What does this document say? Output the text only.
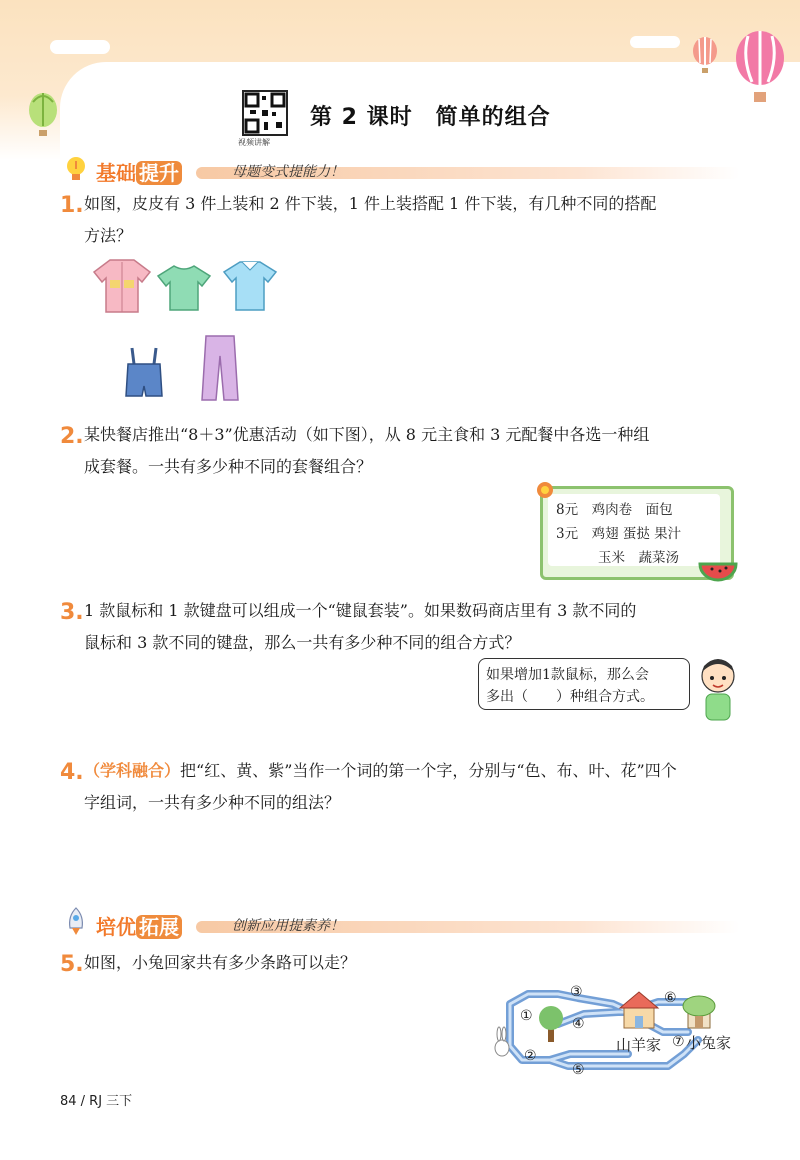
视频讲解
第 2 课时　简单的组合
基础 提升	母题变式提能力！
1. 如图，皮皮有 3 件上装和 2 件下装，1 件上装搭配 1 件下装，有几种不同的搭配
方法？
2. 某快餐店推出“8＋3”优惠活动（如下图），从 8 元主食和 3 元配餐中各选一种组
成套餐。一共有多少种不同的套餐组合？
8元　鸡肉卷　面包
3元　鸡翅 蛋挞 果汁
玉米　蔬菜汤
3. 1 款鼠标和 1 款键盘可以组成一个“键鼠套装”。如果数码商店里有 3 款不同的
鼠标和 3 款不同的键盘，那么一共有多少种不同的组合方式？
如果增加1款鼠标，那么会
多出（　　）种组合方式。
4. （学科融合）把“红、黄、紫”当作一个词的第一个字，分别与“色、布、叶、花”四个
字组词，一共有多少种不同的组法？
培优 拓展	创新应用提素养！
5. 如图，小兔回家共有多少条路可以走？
③
①	④
②
⑤
⑥
⑦
山羊家 小兔家
84 / RJ 三下
